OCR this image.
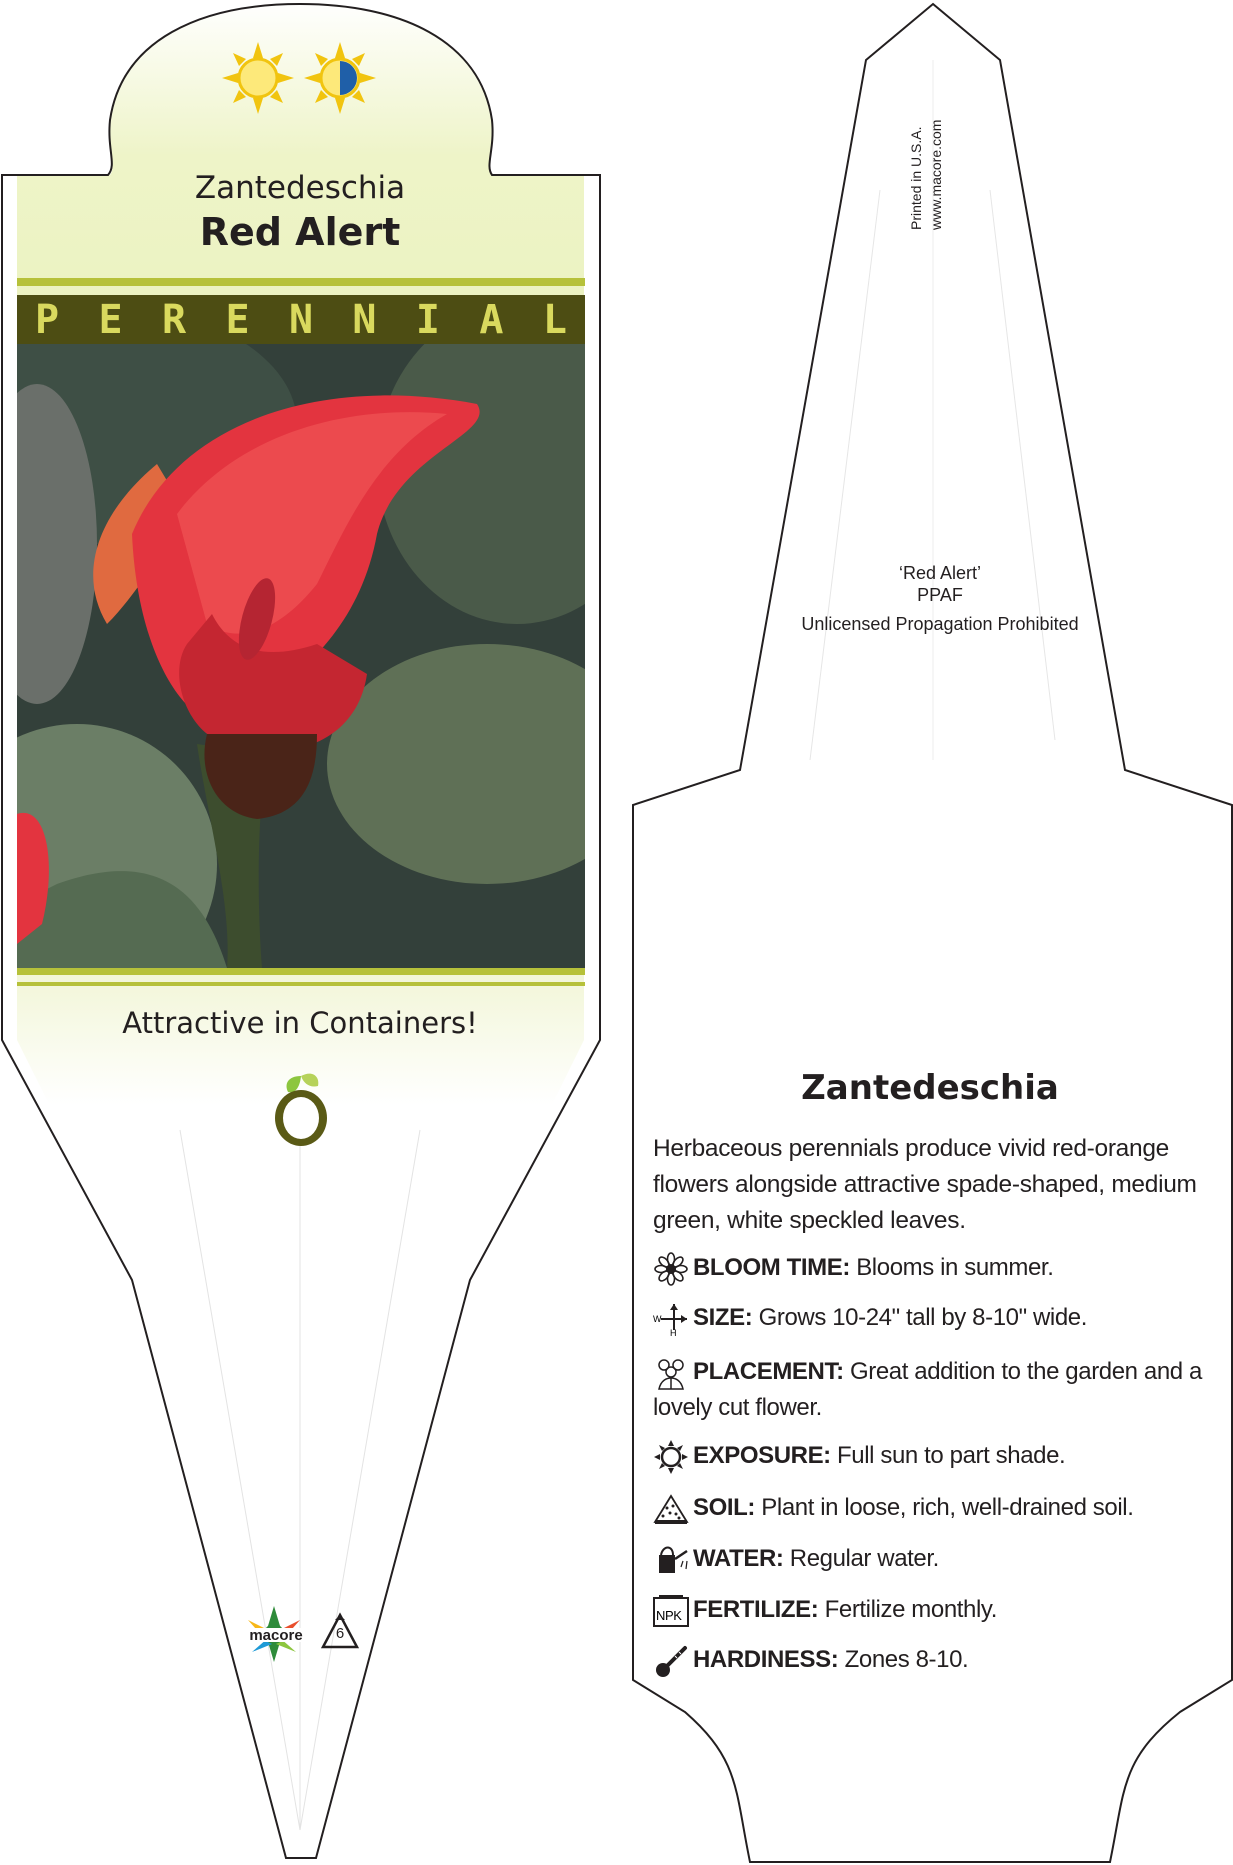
Zantedeschia
Red Alert
P E R E N N I A L
Attractive in Containers!
macore	6
Printed in U.S.A. www.macore.com
‘Red Alert’
PPAF
Unlicensed Propagation Prohibited
Zantedeschia
Herbaceous perennials produce vivid red-orange flowers alongside attractive spade-shaped, medium green, white speckled leaves.
BLOOM TIME: Blooms in summer.
W
H
SIZE: Grows 10-24" tall by 8-10" wide.
PLACEMENT: Great addition to the garden and a lovely cut flower.
EXPOSURE: Full sun to part shade.
SOIL: Plant in loose, rich, well-drained soil.
WATER: Regular water.
NPK FERTILIZE: Fertilize monthly.
HARDINESS: Zones 8-10.
